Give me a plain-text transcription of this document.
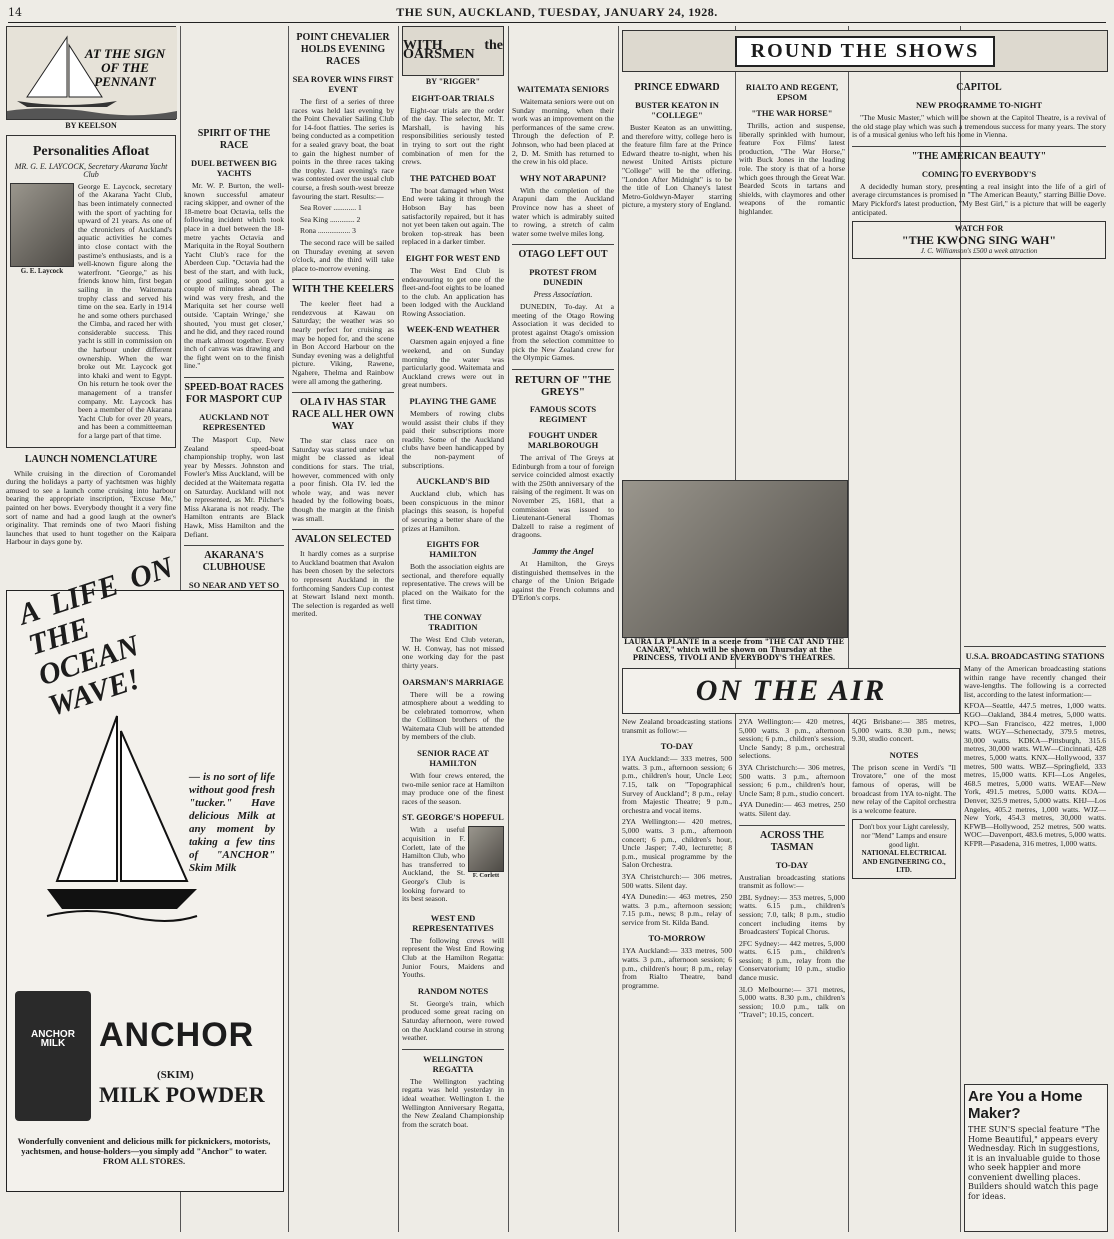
14	THE SUN, AUCKLAND, TUESDAY, JANUARY 24, 1928.
AT THE SIGN OF THE PENNANT
BY KEELSON
Personalities Afloat
MR. G. E. LAYCOCK, Secretary Akarana Yacht Club
G. E. Laycock

George E. Laycock, secretary of the Akarana Yacht Club, has been intimately connected with the sport of yachting for upward of 21 years. As one of the chroniclers of Auckland's aquatic activities he comes into close contact with the pastime's enthusiasts, and is a well-known figure along the waterfront. "George," as his friends know him, first began sailing in the Waitemata trophy class and served his time on the sea. Early in 1914 he and some others purchased the Cimba, and raced her with considerable success. This yacht is still in commission on the harbour under different ownership. When the war broke out Mr. Laycock got into khaki and went to Egypt. On his return he took over the management of a transfer company. Mr. Laycock has been a member of the Akarana Yacht Club for over 20 years, and has been a committeeman for a large part of that time.

LAUNCH NOMENCLATURE

While cruising in the direction of Coromandel during the holidays a party of yachtsmen was highly amused to see a launch come cruising into harbour bearing the appropriate inscription, "Excuse Me," painted on her bows. Everybody thought it a very fine sort of name and had a good laugh at the owner's originality. That reminds one of two Maori fishing launches that used to hunt together on the Kaipara Harbour in days gone by.

A LIFE ON THE OCEAN WAVE!
— is no sort of life without good fresh "tucker." Have delicious Milk at any moment by taking a few tins of "ANCHOR" Skim Milk
ANCHOR
MILK ANCHOR
(SKIM)
MILK POWDER
Wonderfully convenient and delicious milk for picknickers, motorists, yachtsmen, and house-holders—you simply add "Anchor" to water. FROM ALL STORES.
SPIRIT OF THE RACE
DUEL BETWEEN BIG YACHTS

Mr. W. P. Burton, the well-known successful amateur racing skipper, and owner of the 18-metre boat Octavia, tells the following incident which took place in a duel between the 18-metre yachts Octavia and Mariquita in the Royal Southern Yacht Club's race for the Aberdeen Cup. "Octavia had the best of the start, and with luck, or good sailing, soon got a couple of minutes ahead. The wind was very fresh, and the Mariquita set her course well outside. 'Captain Wringe,' she shouted, 'you must get closer,' and he did, and they raced round the mark almost together. Every inch of canvas was drawing and the fight went on to the finish line."

SPEED-BOAT RACES FOR MASPORT CUP
AUCKLAND NOT REPRESENTED

The Masport Cup, New Zealand speed-boat championship trophy, won last year by Messrs. Johnston and Fowler's Miss Auckland, will be decided at the Waitemata regatta on Saturday. Auckland will not be represented, as Mr. Pilcher's Miss Akarana is not ready. The Hamilton entrants are Black Hawk, Miss Hamilton and the Defiant.

AKARANA'S CLUBHOUSE
SO NEAR AND YET SO

POINT CHEVALIER HOLDS EVENING RACES
SEA ROVER WINS FIRST EVENT

The first of a series of three races was held last evening by the Point Chevalier Sailing Club for 14-foot flatties. The series is being conducted as a competition for a sealed gravy boat, the boat to gain the highest number of points in the three races taking the trophy. Last evening's race was contested over the usual club course, a fresh south-west breeze favouring the start. Results:—

Sea Rover ............ 1

Sea King ............. 2

Rona ................. 3

The second race will be sailed on Thursday evening at seven o'clock, and the third will take place to-morrow evening.

WITH THE KEELERS

The keeler fleet had a rendezvous at Kawau on Saturday; the weather was so nearly perfect for cruising as may be hoped for, and the scene in Bon Accord Harbour on the Sunday evening was a delightful picture. Viking, Rawene, Ngahere, Thelma and Rainbow were all among the gathering.

OLA IV HAS STAR RACE ALL HER OWN WAY

The star class race on Saturday was started under what might be classed as ideal conditions for stars. The trial, however, commenced with only a poor finish. Ola IV. led the whole way, and was never headed by the following boats, though the margin at the finish was small.

AVALON SELECTED

It hardly comes as a surprise to Auckland boatmen that Avalon has been chosen by the selectors to represent Auckland in the forthcoming Sanders Cup contest at Stewart Island next month. The selection is regarded as well merited.

WITH the OARSMEN
BY "RIGGER"
EIGHT-OAR TRIALS

Eight-oar trials are the order of the day. The selector, Mr. T. Marshall, is having his responsibilities seriously tested in trying to sort out the right combination of men for the crews.

THE PATCHED BOAT

The boat damaged when West End were taking it through the Hobson Bay has been satisfactorily repaired, but it has not yet been taken out again. The broken top-streak has been replaced in a darker timber.

EIGHT FOR WEST END

The West End Club is endeavouring to get one of the fleet-and-foot eights to be loaned to the club. An application has been lodged with the Auckland Rowing Association.

WEEK-END WEATHER

Oarsmen again enjoyed a fine weekend, and on Sunday morning the water was particularly good. Waitemata and Auckland crews were out in great numbers.

PLAYING THE GAME

Members of rowing clubs would assist their clubs if they paid their subscriptions more readily. Some of the Auckland clubs have been handicapped by the non-payment of subscriptions.

AUCKLAND'S BID

Auckland club, which has been conspicuous in the minor placings this season, is hopeful of securing a better share of the prizes at Hamilton.

EIGHTS FOR HAMILTON

Both the association eights are sectional, and therefore equally representative. The crews will be placed on the Waikato for the first time.

THE CONWAY TRADITION

The West End Club veteran, W. H. Conway, has not missed one working day for the past thirty years.

OARSMAN'S MARRIAGE

There will be a rowing atmosphere about a wedding to be celebrated tomorrow, when the Collinson brothers of the Waitemata Club will be attended by members of the club.

SENIOR RACE AT HAMILTON

With four crews entered, the two-mile senior race at Hamilton may produce one of the finest races of the season.

ST. GEORGE'S HOPEFUL

With a useful acquisition in F. Corlett, late of the Hamilton Club, who has transferred to Auckland, the St. George's Club is looking forward to its best season.

F. Corlett
WEST END REPRESENTATIVES

The following crews will represent the West End Rowing Club at the Hamilton Regatta: Junior Fours, Maidens and Youths.

RANDOM NOTES

St. George's train, which produced some great racing on Saturday afternoon, were rowed on the Auckland course in strong weather.

WELLINGTON REGATTA

The Wellington yachting regatta was held yesterday in ideal weather. Wellington I. the Wellington Anniversary Regatta, the New Zealand Championship from the scratch boat.

WAITEMATA SENIORS

Waitemata seniors were out on Sunday morning, when their work was an improvement on the performances of the same crew. Through the defection of P. Johnson, who had been placed at 2, D. M. Smith has returned to the crew in his old place.

WHY NOT ARAPUNI?

With the completion of the Arapuni dam the Auckland Province now has a sheet of water which is admirably suited to rowing, a stretch of calm water some twelve miles long.

OTAGO LEFT OUT
PROTEST FROM DUNEDIN
Press Association.

DUNEDIN, To-day. At a meeting of the Otago Rowing Association it was decided to protest against Otago's omission from the selection committee to pick the New Zealand crew for the Olympic Games.

RETURN OF "THE GREYS"
FAMOUS SCOTS REGIMENT
FOUGHT UNDER MARLBOROUGH

The arrival of The Greys at Edinburgh from a tour of foreign service coincided almost exactly with the 250th anniversary of the raising of the regiment. It was on November 25, 1681, that a commission was issued to Lieutenant-General Thomas Dalzell to raise a regiment of dragoons.

Jammy the Angel

At Hamilton, the Greys distinguished themselves in the charge of the Union Brigade against the French columns and D'Erlon's corps.

ROUND THE SHOWS
PRINCE EDWARD
BUSTER KEATON IN "COLLEGE"

Buster Keaton as an unwitting, and therefore witty, college hero is the feature film fare at the Prince Edward theatre to-night, when his newest United Artists picture "College" will be the offering. "London After Midnight" is to be the title of Lon Chaney's latest Metro-Goldwyn-Mayer starring picture, a mystery story of England.

RIALTO AND REGENT, EPSOM
"THE WAR HORSE"

Thrills, action and suspense, liberally sprinkled with humour, feature Fox Films' latest production, "The War Horse," with Buck Jones in the leading role. The story is that of a horse which goes through the Great War. Bearded Scots in tartans and shields, with claymores and other weapons of the romantic highlander.

LAURA LA PLANTE in a scene from "THE CAT AND THE CANARY," which will be shown on Thursday at the PRINCESS, TIVOLI AND EVERYBODY'S THEATRES.
CAPITOL
NEW PROGRAMME TO-NIGHT

"The Music Master," which will be shown at the Capitol Theatre, is a revival of the old stage play which was such a tremendous success for many years. The story is of a musical genius who left his home in Vienna.

"THE AMERICAN BEAUTY"
COMING TO EVERYBODY'S

A decidedly human story, presenting a real insight into the life of a girl of average circumstances is promised in "The American Beauty," starring Billie Dove. Mary Pickford's latest production, "My Best Girl," is a picture that will be eagerly anticipated.

WATCH FOR
"THE KWONG SING WAH"
J. C. Williamson's £500 a week attraction
ON THE AIR

New Zealand broadcasting stations transmit as follow:—

TO-DAY

1YA Auckland:— 333 metres, 500 watts. 3 p.m., afternoon session; 6 p.m., children's hour, Uncle Leo; 7.15, talk on "Topographical Survey of Auckland"; 8 p.m., relay from Majestic Theatre; 9 p.m., orchestra and vocal items.

2YA Wellington:— 420 metres, 5,000 watts. 3 p.m., afternoon concert; 6 p.m., children's hour, Uncle Jasper; 7.40, lecturette; 8 p.m., musical programme by the Salon Orchestra.

3YA Christchurch:— 306 metres, 500 watts. Silent day.

4YA Dunedin:— 463 metres, 250 watts. 3 p.m., afternoon session; 7.15 p.m., news; 8 p.m., relay of service from St. Kilda Band.

TO-MORROW

1YA Auckland:— 333 metres, 500 watts. 3 p.m., afternoon session; 6 p.m., children's hour; 8 p.m., relay from Rialto Theatre, band programme.

2YA Wellington:— 420 metres, 5,000 watts. 3 p.m., afternoon session; 6 p.m., children's session, Uncle Sandy; 8 p.m., orchestral selections.

3YA Christchurch:— 306 metres, 500 watts. 3 p.m., afternoon session; 6 p.m., children's hour, Uncle Sam; 8 p.m., studio concert.

4YA Dunedin:— 463 metres, 250 watts. Silent day.

ACROSS THE TASMAN
TO-DAY

Australian broadcasting stations transmit as follow:—

2BL Sydney:— 353 metres, 5,000 watts. 6.15 p.m., children's session; 7.0, talk; 8 p.m., studio concert including items by Broadcasters' Topical Chorus.

2FC Sydney:— 442 metres, 5,000 watts. 6.15 p.m., children's session; 8 p.m., relay from the Conservatorium; 10 p.m., studio dance music.

3LO Melbourne:— 371 metres, 5,000 watts. 8.30 p.m., children's session; 10.0 p.m., talk on "Travel"; 10.15, concert.

4QG Brisbane:— 385 metres, 5,000 watts. 8.30 p.m., news; 9.30, studio concert.

NOTES

The prison scene in Verdi's "Il Trovatore," one of the most famous of operas, will be broadcast from 1YA to-night. The new relay of the Capitol orchestra is a welcome feature.

Don't box your Light carelessly, nor "Mend" Lamps and ensure good light.
NATIONAL ELECTRICAL AND ENGINEERING CO., LTD.
U.S.A. BROADCASTING STATIONS

Many of the American broadcasting stations within range have recently changed their wave-lengths. The following is a corrected list, according to the latest information:—

KFOA—Seattle, 447.5 metres, 1,000 watts. KGO—Oakland, 384.4 metres, 5,000 watts. KPO—San Francisco, 422 metres, 1,000 watts. WGY—Schenectady, 379.5 metres, 30,000 watts. KDKA—Pittsburgh, 315.6 metres, 30,000 watts. WLW—Cincinnati, 428 metres, 5,000 watts. KNX—Hollywood, 337 metres, 500 watts. WBZ—Springfield, 333 metres, 15,000 watts. KFI—Los Angeles, 468.5 metres, 5,000 watts. WEAF—New York, 491.5 metres, 5,000 watts. KOA—Denver, 325.9 metres, 5,000 watts. KHJ—Los Angeles, 405.2 metres, 1,000 watts. WJZ—New York, 454.3 metres, 30,000 watts. KFWB—Hollywood, 252 metres, 500 watts. WOC—Davenport, 483.6 metres, 5,000 watts. KFPR—Pasadena, 316 metres, 1,000 watts.

Are You a Home Maker?
THE SUN'S special feature "The Home Beautiful," appears every Wednesday. Rich in suggestions, it is an invaluable guide to those who seek happier and more convenient dwelling places. Builders should watch this page for ideas.
